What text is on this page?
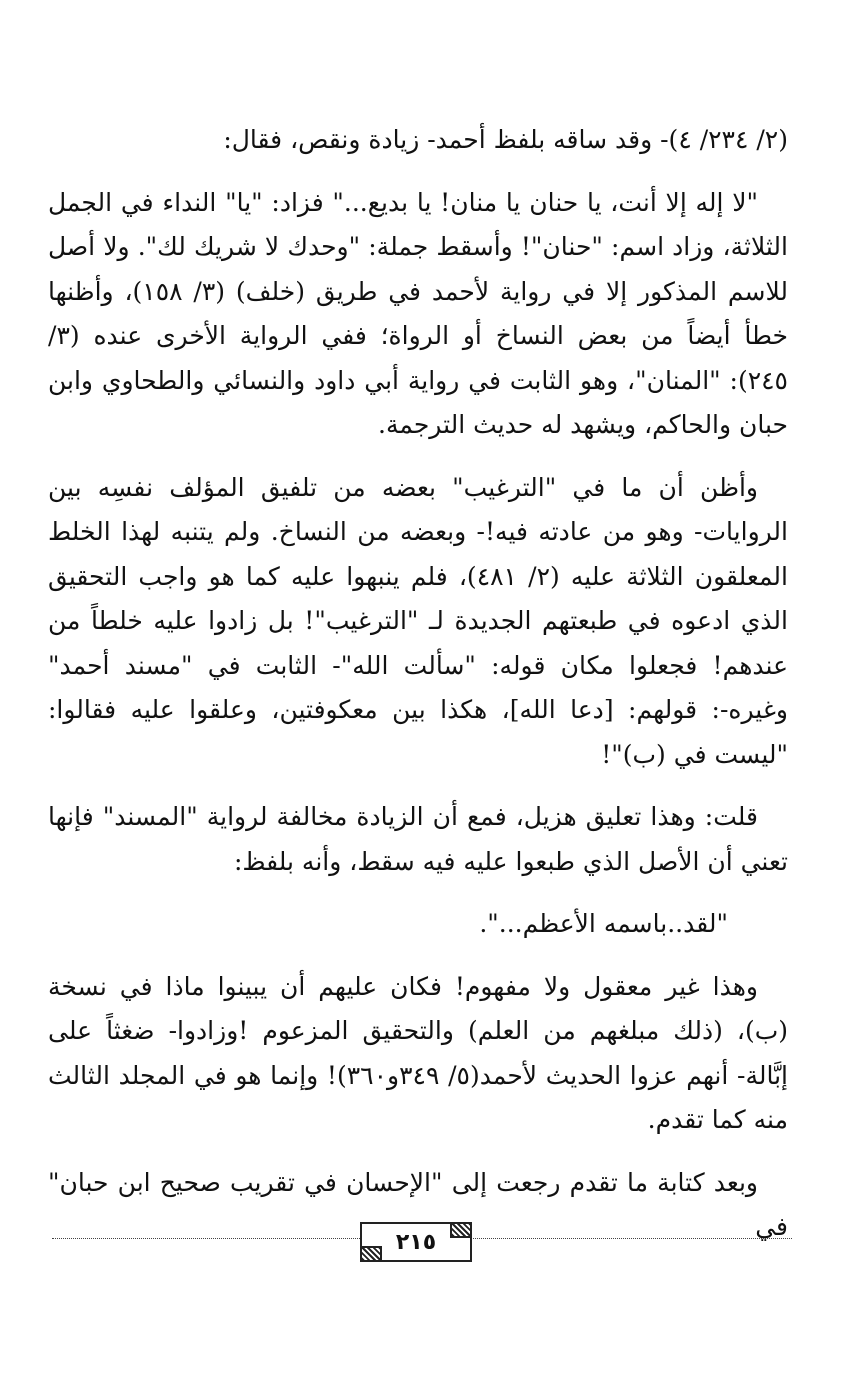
(٢/ ٢٣٤/ ٤)- وقد ساقه بلفظ أحمد- زيادة ونقص، فقال:

"لا إله إلا أنت، يا حنان يا منان! يا بديع..." فزاد: "يا" النداء في الجمل الثلاثة، وزاد اسم: "حنان"! وأسقط جملة: "وحدك لا شريك لك". ولا أصل للاسم المذكور إلا في رواية لأحمد في طريق (خلف) (٣/ ١٥٨)، وأظنها خطأ أيضاً من بعض النساخ أو الرواة؛ ففي الرواية الأخرى عنده (٣/ ٢٤٥): "المنان"، وهو الثابت في رواية أبي داود والنسائي والطحاوي وابن حبان والحاكم، ويشهد له حديث الترجمة.

وأظن أن ما في "الترغيب" بعضه من تلفيق المؤلف نفسِه بين الروايات- وهو من عادته فيه!- وبعضه من النساخ. ولم يتنبه لهذا الخلط المعلقون الثلاثة عليه (٢/ ٤٨١)، فلم ينبهوا عليه كما هو واجب التحقيق الذي ادعوه في طبعتهم الجديدة لـ "الترغيب"! بل زادوا عليه خلطاً من عندهم! فجعلوا مكان قوله: "سألت الله"- الثابت في "مسند أحمد" وغيره-: قولهم: [دعا الله]، هكذا بين معكوفتين، وعلقوا عليه فقالوا: "ليست في (ب)"!

قلت: وهذا تعليق هزيل، فمع أن الزيادة مخالفة لرواية "المسند" فإنها تعني أن الأصل الذي طبعوا عليه فيه سقط، وأنه بلفظ:

"لقد..باسمه الأعظم...".

وهذا غير معقول ولا مفهوم! فكان عليهم أن يبينوا ماذا في نسخة (ب)، (ذلك مبلغهم من العلم) والتحقيق المزعوم !وزادوا- ضغثاً على إبَّالة- أنهم عزوا الحديث لأحمد(٥/ ٣٤٩و٣٦٠)! وإنما هو في المجلد الثالث منه كما تقدم.

وبعد كتابة ما تقدم رجعت إلى "الإحسان في تقريب صحيح ابن حبان" في

٢١٥
